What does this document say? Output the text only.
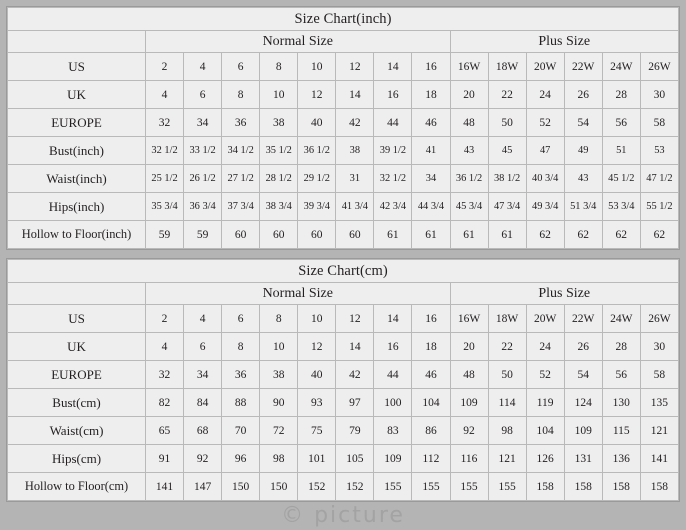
Size Chart(inch)														
	Normal Size								Plus Size					
US	2	4	6	8	10	12	14	16	16W	18W	20W	22W	24W	26W
UK	4	6	8	10	12	14	16	18	20	22	24	26	28	30
EUROPE	32	34	36	38	40	42	44	46	48	50	52	54	56	58
Bust(inch)	32 1/2	33 1/2	34 1/2	35 1/2	36 1/2	38	39 1/2	41	43	45	47	49	51	53
Waist(inch)	25 1/2	26 1/2	27 1/2	28 1/2	29 1/2	31	32 1/2	34	36 1/2	38 1/2	40 3/4	43	45 1/2	47 1/2
Hips(inch)	35 3/4	36 3/4	37 3/4	38 3/4	39 3/4	41 3/4	42 3/4	44 3/4	45 3/4	47 3/4	49 3/4	51 3/4	53 3/4	55 1/2
Hollow to Floor(inch)	59	59	60	60	60	60	61	61	61	61	62	62	62	62
Size Chart(cm)														
	Normal Size								Plus Size					
US	2	4	6	8	10	12	14	16	16W	18W	20W	22W	24W	26W
UK	4	6	8	10	12	14	16	18	20	22	24	26	28	30
EUROPE	32	34	36	38	40	42	44	46	48	50	52	54	56	58
Bust(cm)	82	84	88	90	93	97	100	104	109	114	119	124	130	135
Waist(cm)	65	68	70	72	75	79	83	86	92	98	104	109	115	121
Hips(cm)	91	92	96	98	101	105	109	112	116	121	126	131	136	141
Hollow to Floor(cm)	141	147	150	150	152	152	155	155	155	155	158	158	158	158
© picture
